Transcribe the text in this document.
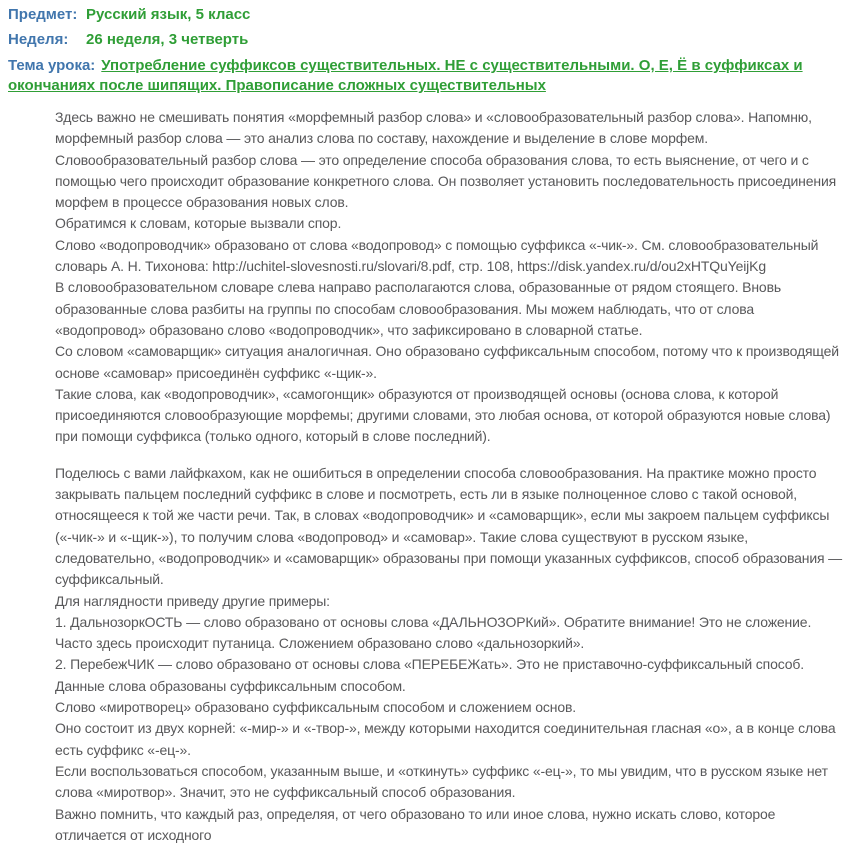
Предмет: Русский язык, 5 класс
Неделя:	26 неделя, 3 четверть
Тема урока: Употребление суффиксов существительных. НЕ с существительными. О, Е, Ё в суффиксах и окончаниях после шипящих. Правописание сложных существительных

Здесь важно не смешивать понятия «морфемный разбор слова» и «словообразовательный разбор слова». Напомню, морфемный разбор слова — это анализ слова по составу, нахождение и выделение в слове морфем. Словообразовательный разбор слова — это определение способа образования слова, то есть выяснение, от чего и с помощью чего происходит образование конкретного слова. Он позволяет установить последовательность присоединения морфем в процессе образования новых слов.

Обратимся к словам, которые вызвали спор.

Слово «водопроводчик» образовано от слова «водопровод» с помощью суффикса «-чик-». См. словообразовательный словарь А. Н. Тихонова: http://uchitel-slovesnosti.ru/slovari/8.pdf, стр. 108, https://disk.yandex.ru/d/ou2xHTQuYeijKg

В словообразовательном словаре слева направо располагаются слова, образованные от рядом стоящего. Вновь образованные слова разбиты на группы по способам словообразования. Мы можем наблюдать, что от слова «водопровод» образовано слово «водопроводчик», что зафиксировано в словарной статье.

Со словом «самоварщик» ситуация аналогичная. Оно образовано суффиксальным способом, потому что к производящей основе «самовар» присоединён суффикс «-щик-».

Такие слова, как «водопроводчик», «самогонщик» образуются от производящей основы (основа слова, к которой присоединяются словообразующие морфемы; другими словами, это любая основа, от которой образуются новые слова) при помощи суффикса (только одного, который в слове последний).

Поделюсь с вами лайфкахом, как не ошибиться в определении способа словообразования. На практике можно просто закрывать пальцем последний суффикс в слове и посмотреть, есть ли в языке полноценное слово с такой основой, относящееся к той же части речи. Так, в словах «водопроводчик» и «самоварщик», если мы закроем пальцем суффиксы («-чик-» и «-щик-»), то получим слова «водопровод» и «самовар». Такие слова существуют в русском языке, следовательно, «водопроводчик» и «самоварщик» образованы при помощи указанных суффиксов, способ образования — суффиксальный.

Для наглядности приведу другие примеры:

1. ДальнозоркОСТЬ — слово образовано от основы слова «ДАЛЬНОЗОРКий». Обратите внимание! Это не сложение. Часто здесь происходит путаница. Сложением образовано слово «дальнозоркий».

2. ПеребежЧИК — слово образовано от основы слова «ПЕРЕБЕЖать». Это не приставочно-суффиксальный способ.

Данные слова образованы суффиксальным способом.

Слово «миротворец» образовано суффиксальным способом и сложением основ.

Оно состоит из двух корней: «-мир-» и «-твор-», между которыми находится соединительная гласная «о», а в конце слова есть суффикс «-ец-».

Если воспользоваться способом, указанным выше, и «откинуть» суффикс «-ец-», то мы увидим, что в русском языке нет слова «миротвор». Значит, это не суффиксальный способ образования.

Важно помнить, что каждый раз, определяя, от чего образовано то или иное слова, нужно искать слово, которое отличается от исходного
